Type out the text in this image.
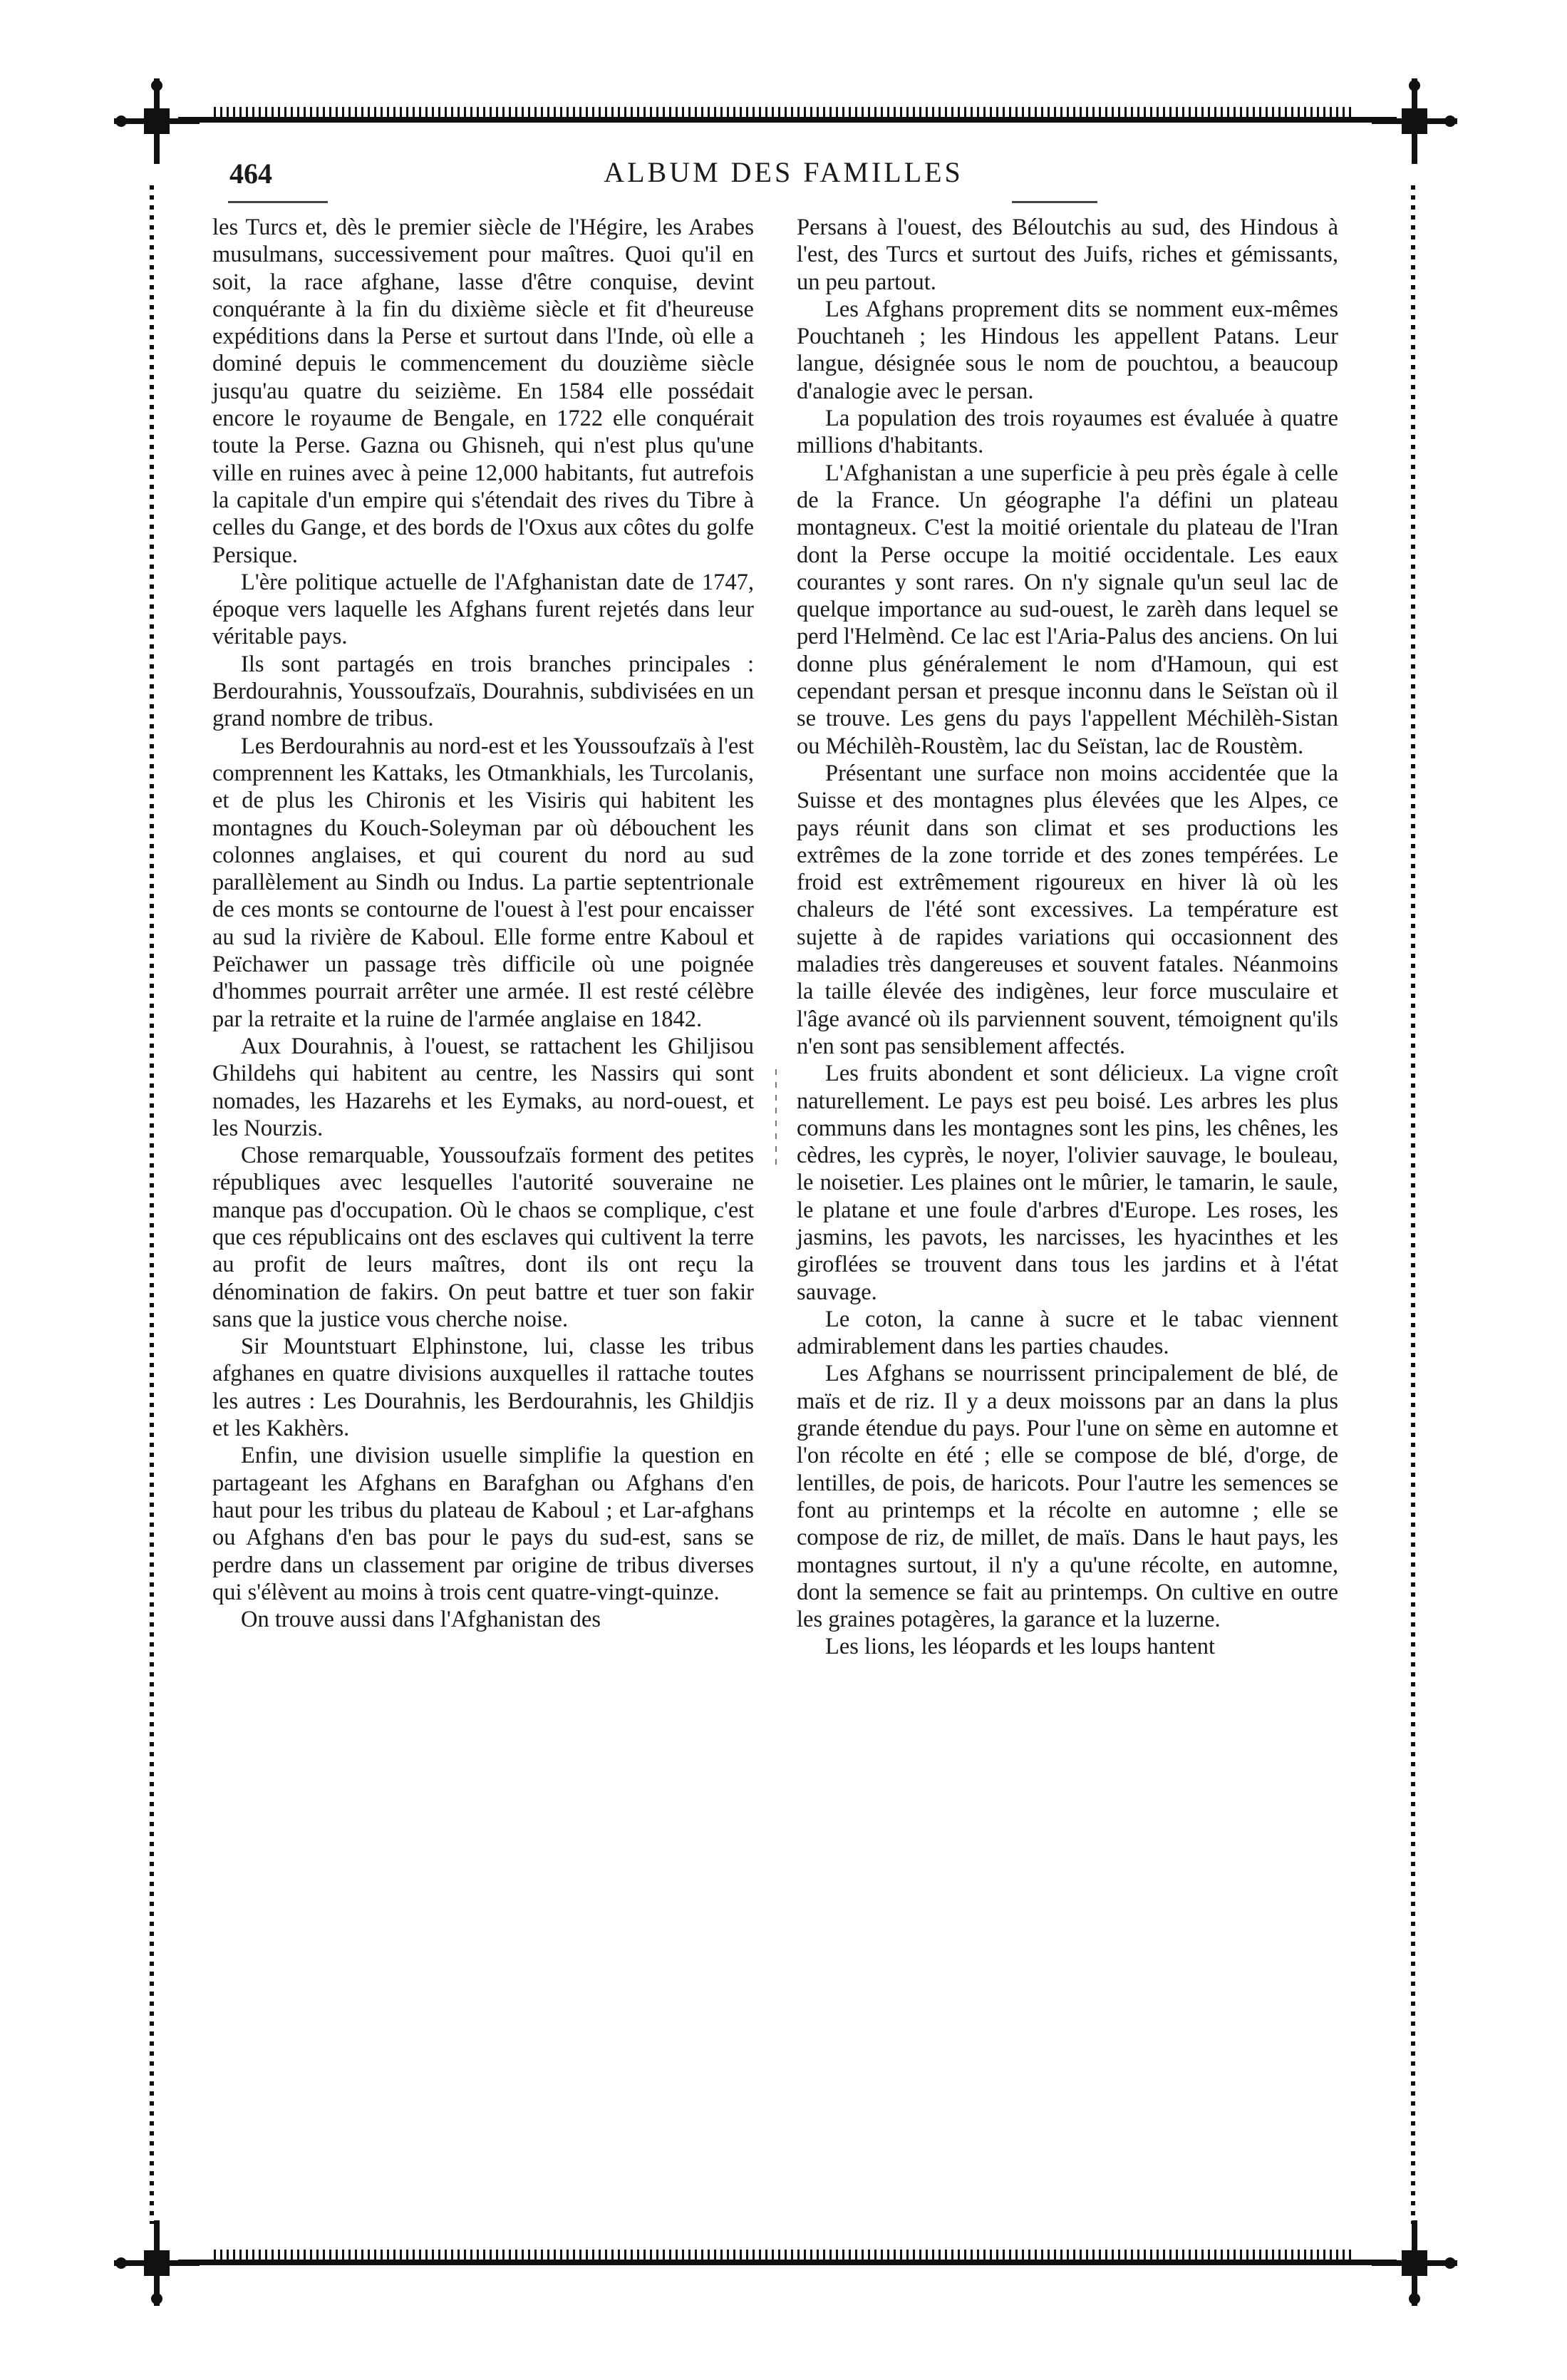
464	ALBUM DES FAMILLES

les Turcs et, dès le premier siècle de l'Hégire, les Arabes musulmans, successivement pour maîtres. Quoi qu'il en soit, la race afghane, lasse d'être conquise, devint conquérante à la fin du dixième siècle et fit d'heureuse expéditions dans la Perse et surtout dans l'Inde, où elle a dominé depuis le commencement du douzième siècle jusqu'au quatre du seizième. En 1584 elle possédait encore le royaume de Bengale, en 1722 elle conquérait toute la Perse. Gazna ou Ghisneh, qui n'est plus qu'une ville en ruines avec à peine 12,000 habitants, fut autrefois la capitale d'un empire qui s'étendait des rives du Tibre à celles du Gange, et des bords de l'Oxus aux côtes du golfe Persique.

L'ère politique actuelle de l'Afghanistan date de 1747, époque vers laquelle les Afghans furent rejetés dans leur véritable pays.

Ils sont partagés en trois branches principales : Berdourahnis, Youssoufzaïs, Dourahnis, subdivisées en un grand nombre de tribus.

Les Berdourahnis au nord-est et les Youssoufzaïs à l'est comprennent les Kattaks, les Otmankhials, les Turcolanis, et de plus les Chironis et les Visiris qui habitent les montagnes du Kouch-Soleyman par où débouchent les colonnes anglaises, et qui courent du nord au sud parallèlement au Sindh ou Indus. La partie septentrionale de ces monts se contourne de l'ouest à l'est pour encaisser au sud la rivière de Kaboul. Elle forme entre Kaboul et Peïchawer un passage très difficile où une poignée d'hommes pourrait arrêter une armée. Il est resté célèbre par la retraite et la ruine de l'armée anglaise en 1842.

Aux Dourahnis, à l'ouest, se rattachent les Ghiljisou Ghildehs qui habitent au centre, les Nassirs qui sont nomades, les Hazarehs et les Eymaks, au nord-ouest, et les Nourzis.

Chose remarquable, Youssoufzaïs forment des petites républiques avec lesquelles l'autorité souveraine ne manque pas d'occupation. Où le chaos se complique, c'est que ces républicains ont des esclaves qui cultivent la terre au profit de leurs maîtres, dont ils ont reçu la dénomination de fakirs. On peut battre et tuer son fakir sans que la justice vous cherche noise.

Sir Mountstuart Elphinstone, lui, classe les tribus afghanes en quatre divisions auxquelles il rattache toutes les autres : Les Dourahnis, les Berdourahnis, les Ghildjis et les Kakhèrs.

Enfin, une division usuelle simplifie la question en partageant les Afghans en Barafghan ou Afghans d'en haut pour les tribus du plateau de Kaboul ; et Lar-afghans ou Afghans d'en bas pour le pays du sud-est, sans se perdre dans un classement par origine de tribus diverses qui s'élèvent au moins à trois cent quatre-vingt-quinze.

On trouve aussi dans l'Afghanistan des

Persans à l'ouest, des Béloutchis au sud, des Hindous à l'est, des Turcs et surtout des Juifs, riches et gémissants, un peu partout.

Les Afghans proprement dits se nomment eux-mêmes Pouchtaneh ; les Hindous les appellent Patans. Leur langue, désignée sous le nom de pouchtou, a beaucoup d'analogie avec le persan.

La population des trois royaumes est évaluée à quatre millions d'habitants.

L'Afghanistan a une superficie à peu près égale à celle de la France. Un géographe l'a défini un plateau montagneux. C'est la moitié orientale du plateau de l'Iran dont la Perse occupe la moitié occidentale. Les eaux courantes y sont rares. On n'y signale qu'un seul lac de quelque importance au sud-ouest, le zarèh dans lequel se perd l'Helmènd. Ce lac est l'Aria-Palus des anciens. On lui donne plus généralement le nom d'Hamoun, qui est cependant persan et presque inconnu dans le Seïstan où il se trouve. Les gens du pays l'appellent Méchilèh-Sistan ou Méchilèh-Roustèm, lac du Seïstan, lac de Roustèm.

Présentant une surface non moins accidentée que la Suisse et des montagnes plus élevées que les Alpes, ce pays réunit dans son climat et ses productions les extrêmes de la zone torride et des zones tempérées. Le froid est extrêmement rigoureux en hiver là où les chaleurs de l'été sont excessives. La température est sujette à de rapides variations qui occasionnent des maladies très dangereuses et souvent fatales. Néanmoins la taille élevée des indigènes, leur force musculaire et l'âge avancé où ils parviennent souvent, témoignent qu'ils n'en sont pas sensiblement affectés.

Les fruits abondent et sont délicieux. La vigne croît naturellement. Le pays est peu boisé. Les arbres les plus communs dans les montagnes sont les pins, les chênes, les cèdres, les cyprès, le noyer, l'olivier sauvage, le bouleau, le noisetier. Les plaines ont le mûrier, le tamarin, le saule, le platane et une foule d'arbres d'Europe. Les roses, les jasmins, les pavots, les narcisses, les hyacinthes et les giroflées se trouvent dans tous les jardins et à l'état sauvage.

Le coton, la canne à sucre et le tabac viennent admirablement dans les parties chaudes.

Les Afghans se nourrissent principalement de blé, de maïs et de riz. Il y a deux moissons par an dans la plus grande étendue du pays. Pour l'une on sème en automne et l'on récolte en été ; elle se compose de blé, d'orge, de lentilles, de pois, de haricots. Pour l'autre les semences se font au printemps et la récolte en automne ; elle se compose de riz, de millet, de maïs. Dans le haut pays, les montagnes surtout, il n'y a qu'une récolte, en automne, dont la semence se fait au printemps. On cultive en outre les graines potagères, la garance et la luzerne.

Les lions, les léopards et les loups hantent
